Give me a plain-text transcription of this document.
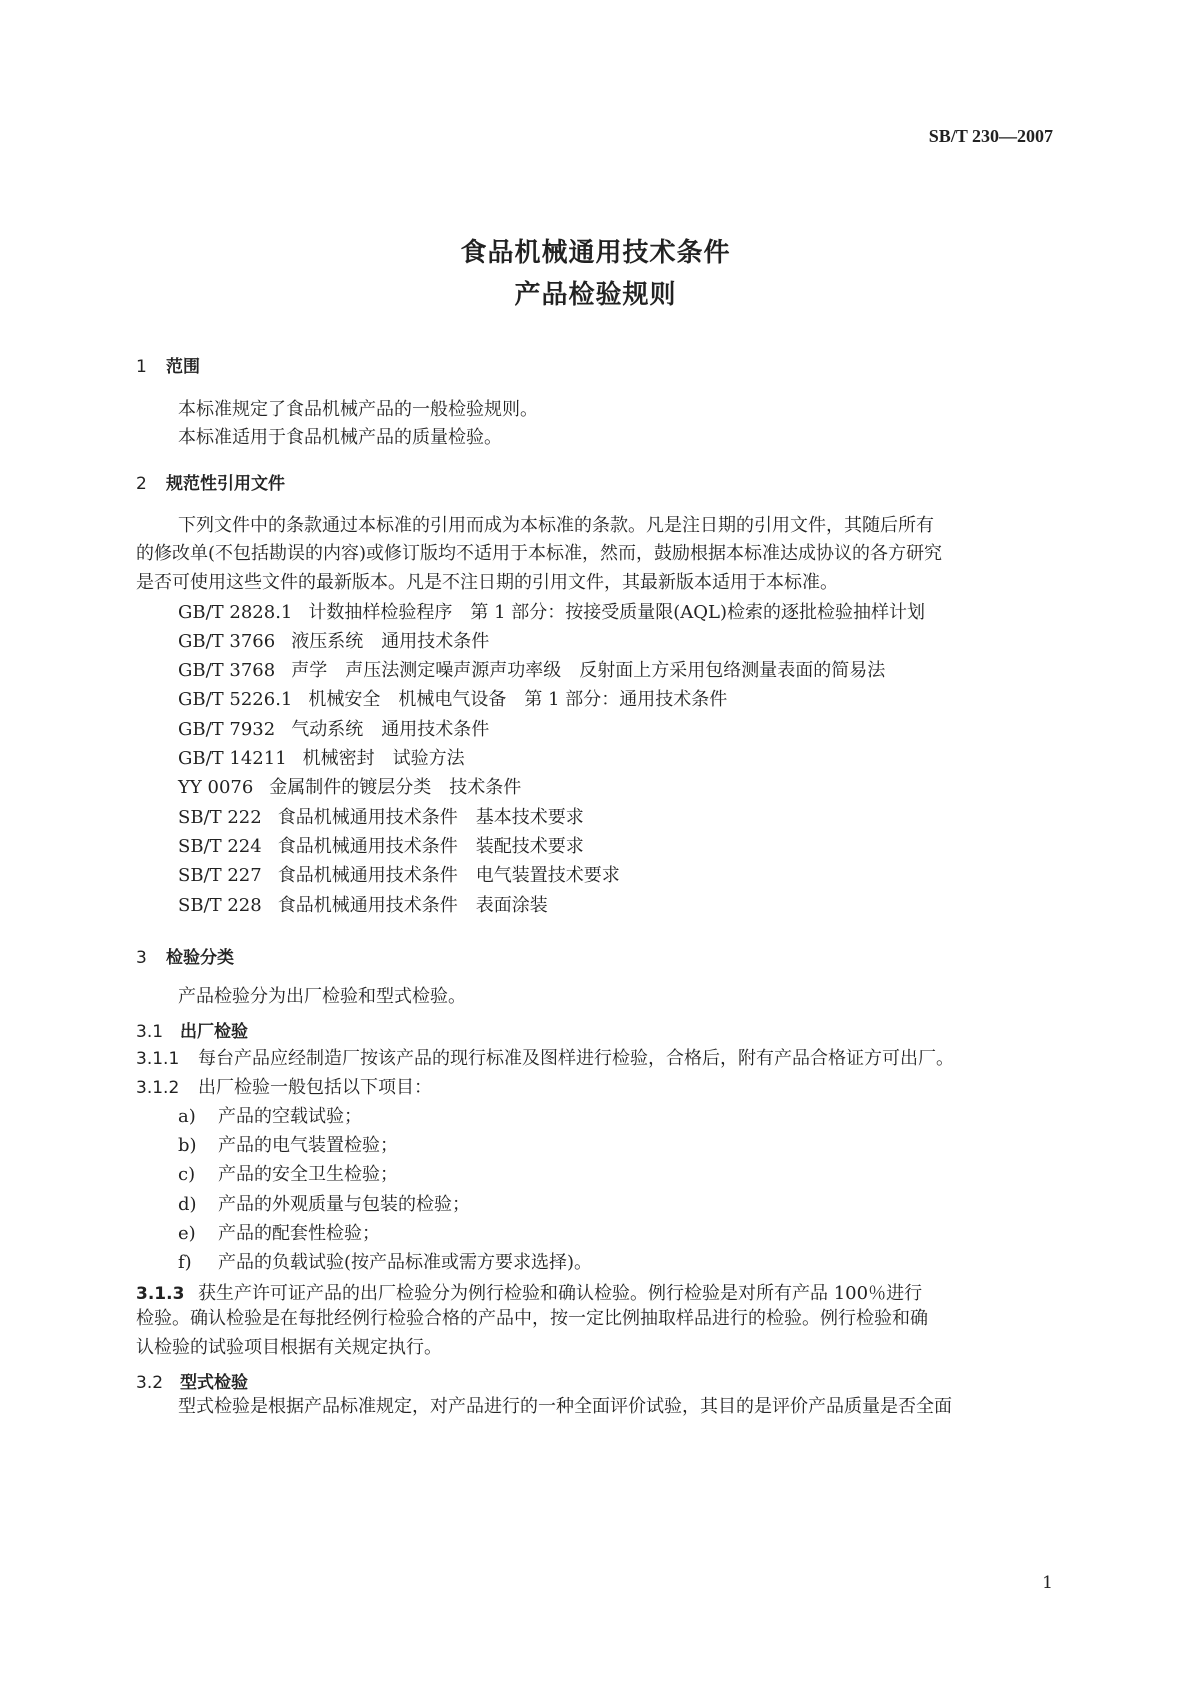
SB/T 230—2007
食品机械通用技术条件
产品检验规则
1 范围
本标准规定了食品机械产品的一般检验规则。
本标准适用于食品机械产品的质量检验。
2 规范性引用文件
下列文件中的条款通过本标准的引用而成为本标准的条款。凡是注日期的引用文件，其随后所有
的修改单(不包括勘误的内容)或修订版均不适用于本标准，然而，鼓励根据本标准达成协议的各方研究
是否可使用这些文件的最新版本。凡是不注日期的引用文件，其最新版本适用于本标准。
GB/T 2828.1 计数抽样检验程序　第 1 部分：按接受质量限(AQL)检索的逐批检验抽样计划
GB/T 3766 液压系统　通用技术条件
GB/T 3768 声学　声压法测定噪声源声功率级　反射面上方采用包络测量表面的简易法
GB/T 5226.1 机械安全　机械电气设备　第 1 部分：通用技术条件
GB/T 7932 气动系统　通用技术条件
GB/T 14211 机械密封　试验方法
YY 0076 金属制件的镀层分类　技术条件
SB/T 222 食品机械通用技术条件　基本技术要求
SB/T 224 食品机械通用技术条件　装配技术要求
SB/T 227 食品机械通用技术条件　电气装置技术要求
SB/T 228 食品机械通用技术条件　表面涂装
3 检验分类
产品检验分为出厂检验和型式检验。
3.1 出厂检验
3.1.1 每台产品应经制造厂按该产品的现行标准及图样进行检验，合格后，附有产品合格证方可出厂。
3.1.2 出厂检验一般包括以下项目：
a) 产品的空载试验；
b) 产品的电气装置检验；
c) 产品的安全卫生检验；
d) 产品的外观质量与包装的检验；
e) 产品的配套性检验；
f) 产品的负载试验(按产品标准或需方要求选择)。
3.1.3 获生产许可证产品的出厂检验分为例行检验和确认检验。例行检验是对所有产品 100％进行
检验。确认检验是在每批经例行检验合格的产品中，按一定比例抽取样品进行的检验。例行检验和确
认检验的试验项目根据有关规定执行。
3.2 型式检验
型式检验是根据产品标准规定，对产品进行的一种全面评价试验，其目的是评价产品质量是否全面
1
